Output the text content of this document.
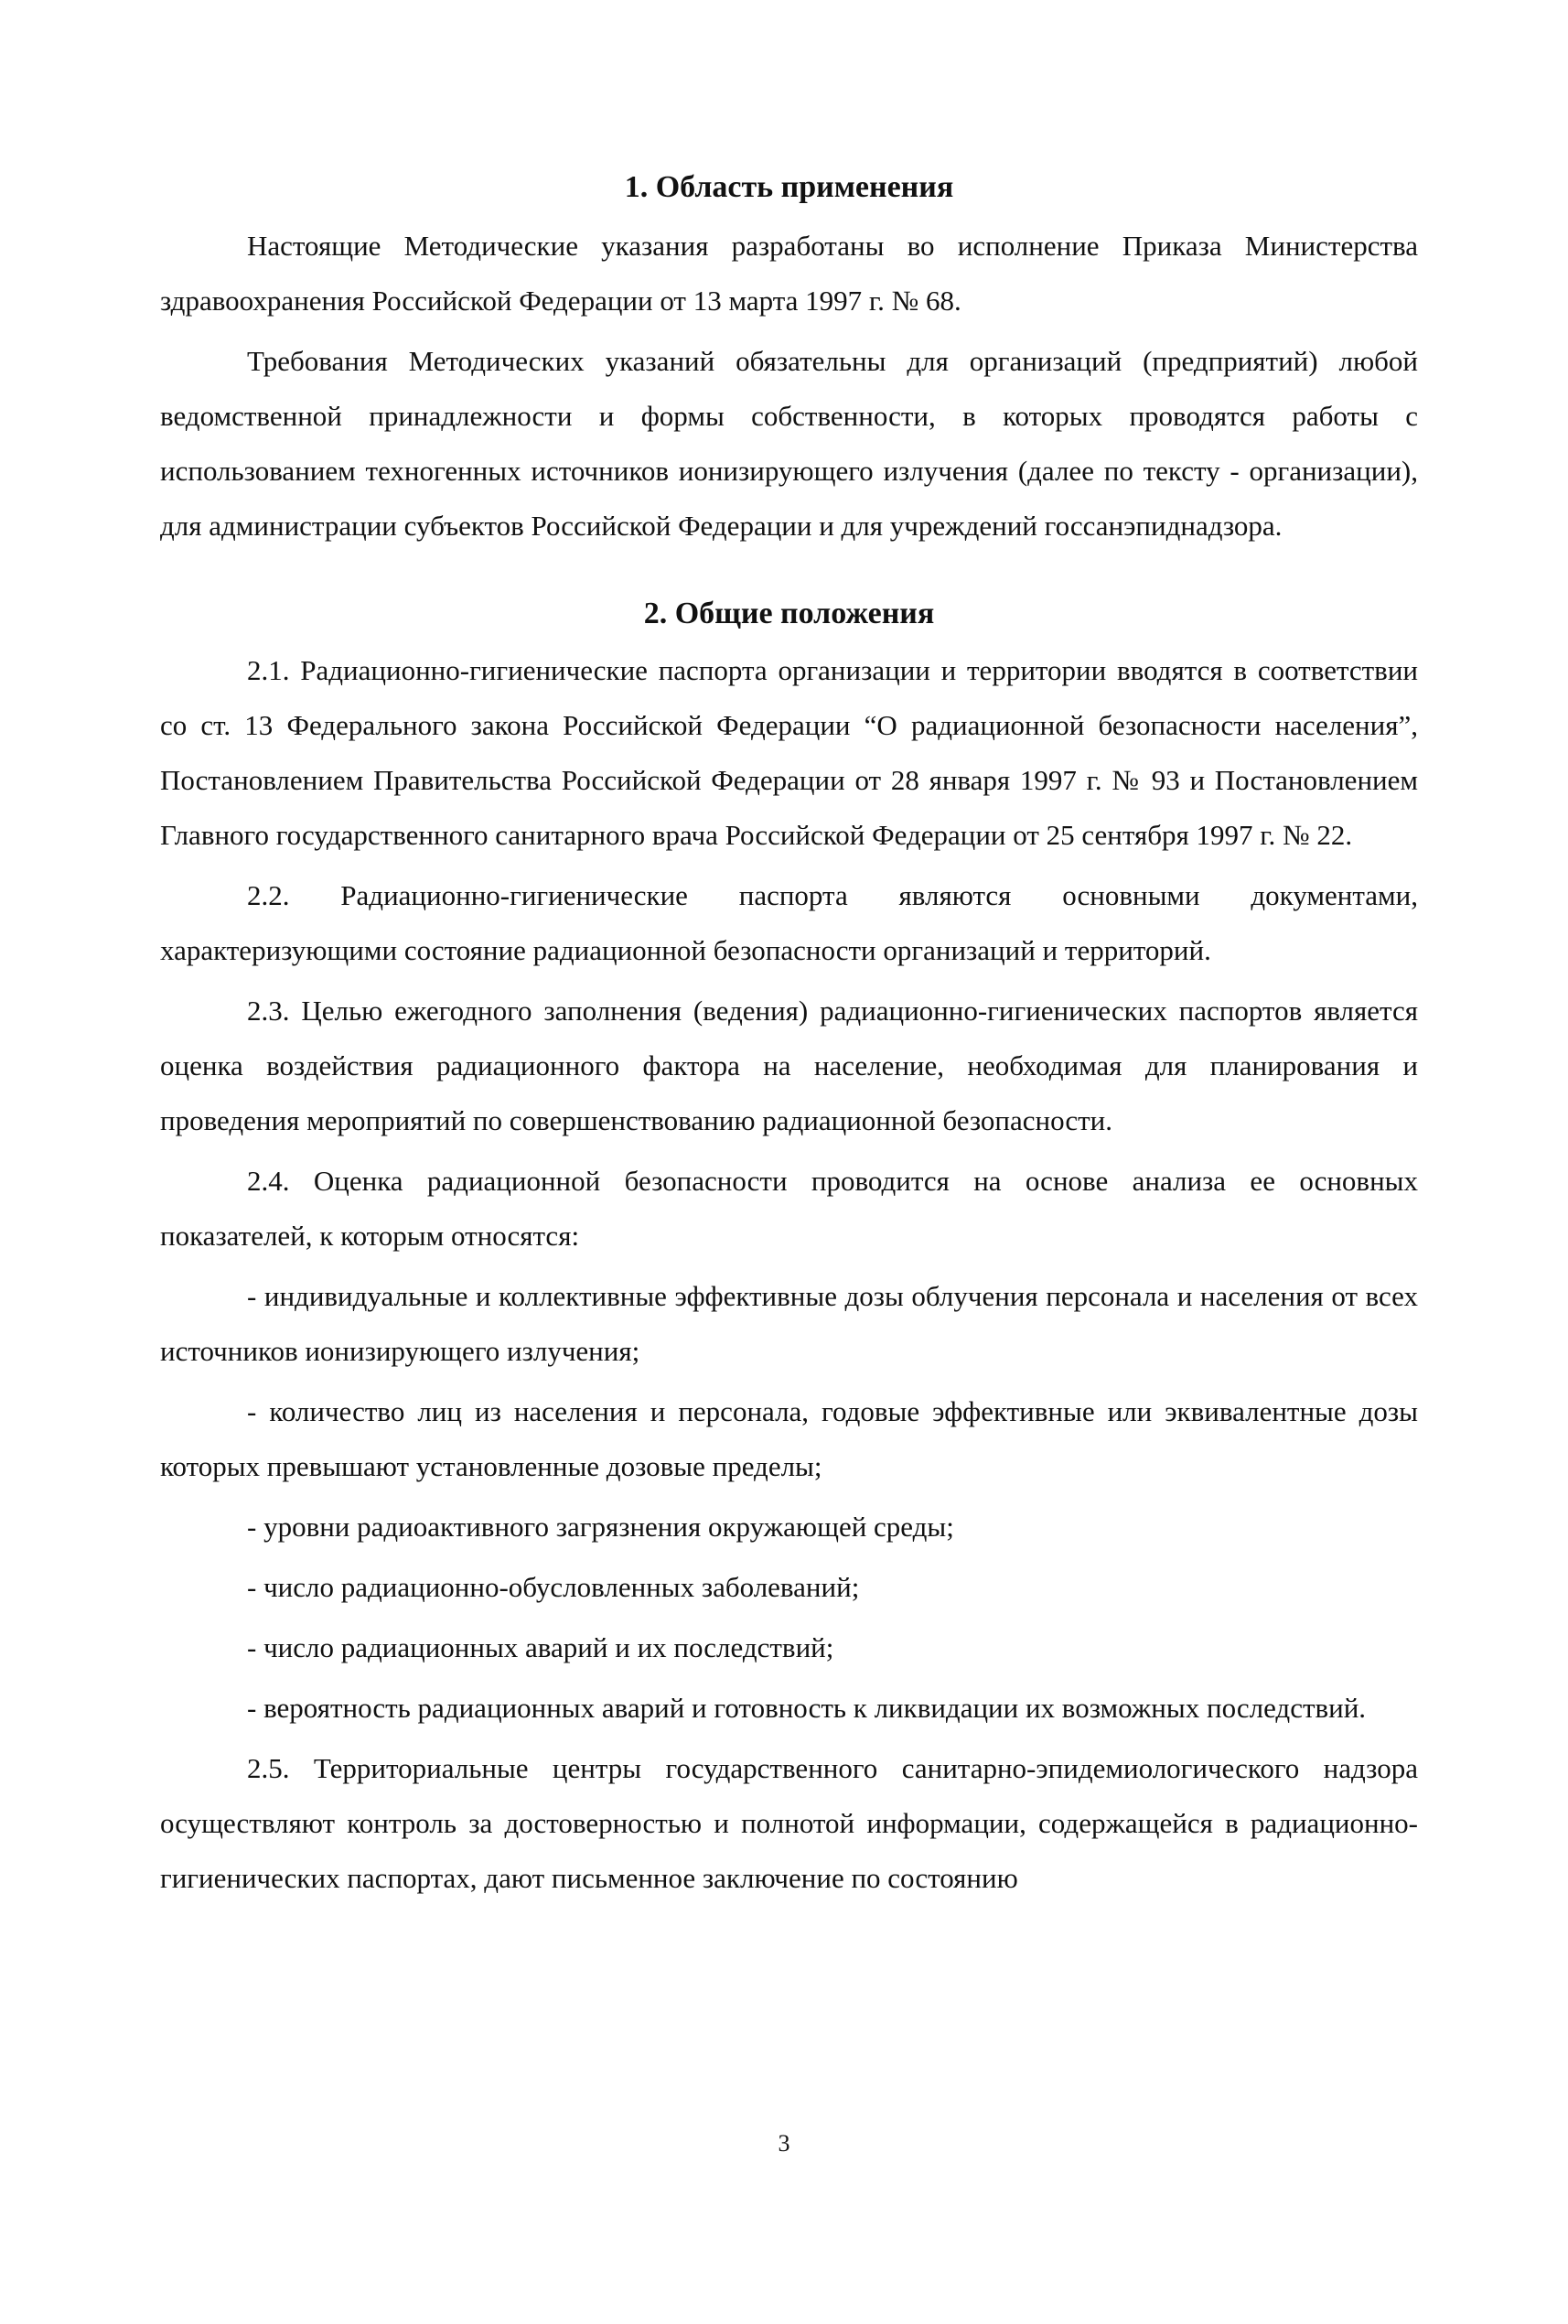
1. Область применения

Настоящие Методические указания разработаны во исполнение Приказа Министерства здравоохранения Российской Федерации от 13 марта 1997 г. № 68.

Требования Методических указаний обязательны для организаций (предприятий) любой ведомственной принадлежности и формы собственности, в которых проводятся работы с использованием техногенных источников ионизирующего излучения (далее по тексту - организации), для администрации субъектов Российской Федерации и для учреждений госсанэпиднадзора.

2. Общие положения

2.1. Радиационно-гигиенические паспорта организации и территории вводятся в соответствии со ст. 13 Федерального закона Российской Федерации “О радиационной безопасности населения”, Постановлением Правительства Российской Федерации от 28 января 1997 г. № 93 и Постановлением Главного государственного санитарного врача Российской Федерации от 25 сентября 1997 г. № 22.

2.2. Радиационно-гигиенические паспорта являются основными документами, характеризующими состояние радиационной безопасности организаций и территорий.

2.3. Целью ежегодного заполнения (ведения) радиационно-гигиенических паспортов является оценка воздействия радиационного фактора на население, необходимая для планирования и проведения мероприятий по совершенствованию радиационной безопасности.

2.4. Оценка радиационной безопасности проводится на основе анализа ее основных показателей, к которым относятся:

- индивидуальные и коллективные эффективные дозы облучения персонала и населения от всех источников ионизирующего излучения;

- количество лиц из населения и персонала, годовые эффективные или эквивалентные дозы которых превышают установленные дозовые пределы;

- уровни радиоактивного загрязнения окружающей среды;

- число радиационно-обусловленных заболеваний;

- число радиационных аварий и их последствий;

- вероятность радиационных аварий и готовность к ликвидации их возможных последствий.

2.5. Территориальные центры государственного санитарно-эпидемиологического надзора осуществляют контроль за достоверностью и полнотой информации, содержащейся в радиационно-гигиенических паспортах, дают письменное заключение по состоянию

3
